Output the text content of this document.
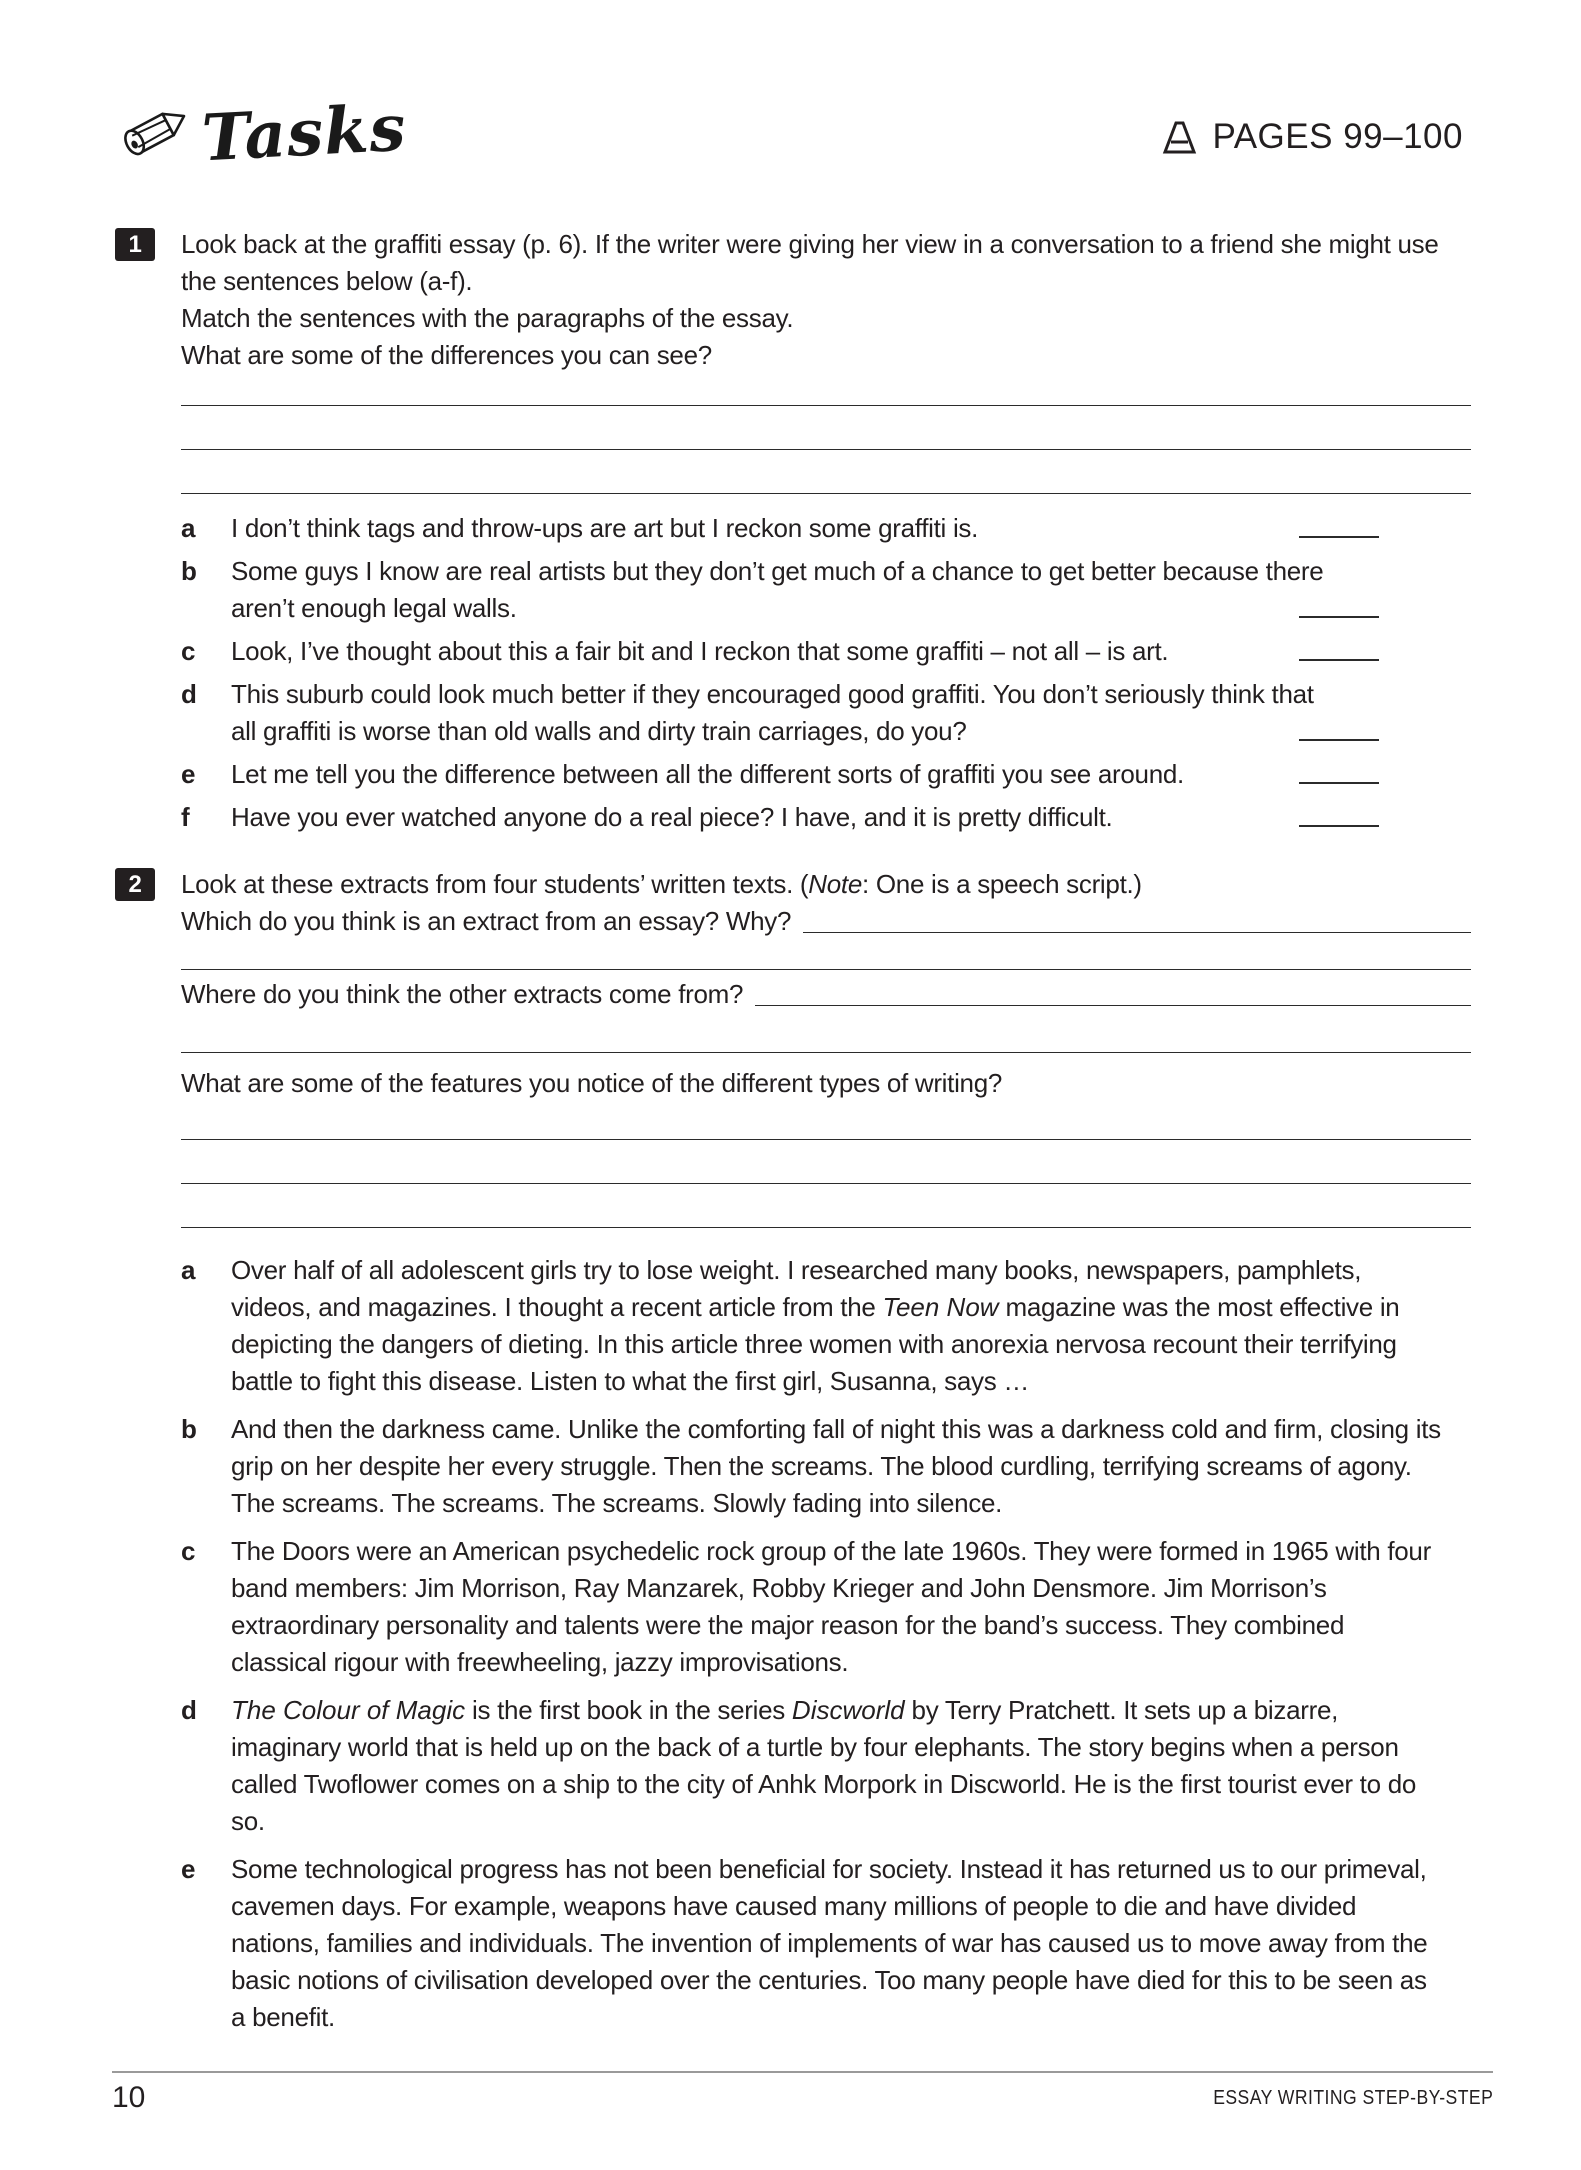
Tasks	PAGES 99–100
1	Look back at the graffiti essay (p. 6). If the writer were giving her view in a conversation to a friend she might use the sentences below (a-f).
Match the sentences with the paragraphs of the essay.
What are some of the differences you can see?
a	I don’t think tags and throw-ups are art but I reckon some graffiti is.
b	Some guys I know are real artists but they don’t get much of a chance to get better because there aren’t enough legal walls.
c	Look, I’ve thought about this a fair bit and I reckon that some graffiti – not all – is art.
d	This suburb could look much better if they encouraged good graffiti. You don’t seriously think that all graffiti is worse than old walls and dirty train carriages, do you?
e	Let me tell you the difference between all the different sorts of graffiti you see around.
f	Have you ever watched anyone do a real piece? I have, and it is pretty difficult.
2	Look at these extracts from four students’ written texts. (Note: One is a speech script.)
Which do you think is an extract from an essay? Why?
Where do you think the other extracts come from?
What are some of the features you notice of the different types of writing?
a	Over half of all adolescent girls try to lose weight. I researched many books, newspapers, pamphlets, videos, and magazines. I thought a recent article from the Teen Now magazine was the most effective in depicting the dangers of dieting. In this article three women with anorexia nervosa recount their terrifying battle to fight this disease. Listen to what the first girl, Susanna, says …
b	And then the darkness came. Unlike the comforting fall of night this was a darkness cold and firm, closing its grip on her despite her every struggle. Then the screams. The blood curdling, terrifying screams of agony. The screams. The screams. The screams. Slowly fading into silence.
c	The Doors were an American psychedelic rock group of the late 1960s. They were formed in 1965 with four band members: Jim Morrison, Ray Manzarek, Robby Krieger and John Densmore. Jim Morrison’s extraordinary personality and talents were the major reason for the band’s success. They combined classical rigour with freewheeling, jazzy improvisations.
d	The Colour of Magic is the first book in the series Discworld by Terry Pratchett. It sets up a bizarre, imaginary world that is held up on the back of a turtle by four elephants. The story begins when a person called Twoflower comes on a ship to the city of Anhk Morpork in Discworld. He is the first tourist ever to do so.
e	Some technological progress has not been beneficial for society. Instead it has returned us to our primeval, cavemen days. For example, weapons have caused many millions of people to die and have divided nations, families and individuals. The invention of implements of war has caused us to move away from the basic notions of civilisation developed over the centuries. Too many people have died for this to be seen as a benefit.
10	ESSAY WRITING STEP-BY-STEP
